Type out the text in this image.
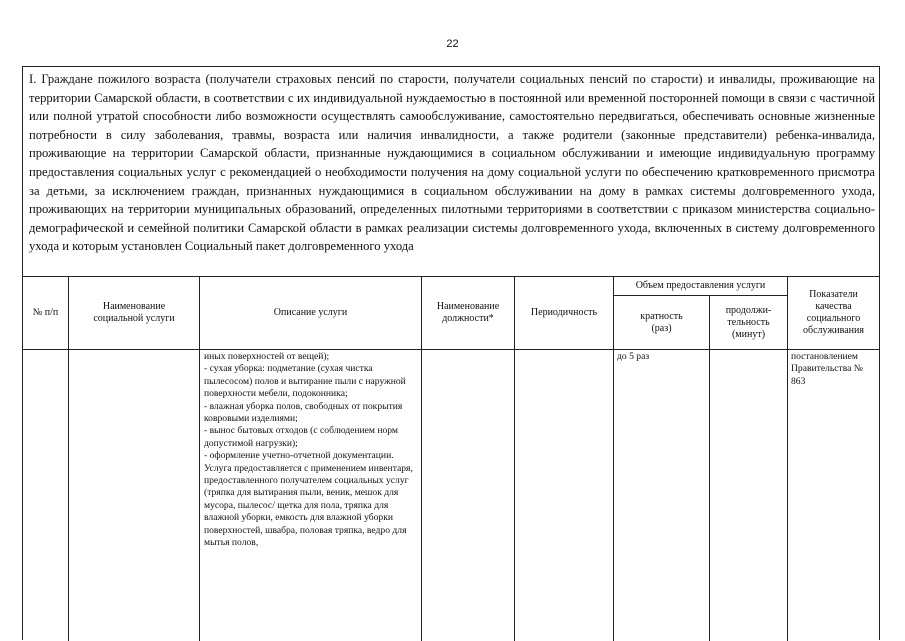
22
I. Граждане пожилого возраста (получатели страховых пенсий по старости, получатели социальных пенсий по старости) и инвалиды, проживающие на территории Самарской области, в соответствии с их индивидуальной нуждаемостью в постоянной или временной посторонней помощи в связи с частичной или полной утратой способности либо возможности осуществлять самообслуживание, самостоятельно передвигаться, обеспечивать основные жизненные потребности в силу заболевания, травмы, возраста или наличия инвалидности, а также родители (законные представители) ребенка-инвалида, проживающие на территории Самарской области, признанные нуждающимися в социальном обслуживании и имеющие индивидуальную программу предоставления социальных услуг с рекомендацией о необходимости получения на дому социальной услуги по обеспечению кратковременного присмотра за детьми, за исключением граждан, признанных нуждающимися в социальном обслуживании на дому в рамках системы долговременного ухода, проживающих на территории муниципальных образований, определенных пилотными территориями в соответствии с приказом министерства социально-демографической и семейной политики Самарской области в рамках реализации системы долговременного ухода, включенных в систему долговременного ухода и которым установлен Социальный пакет долговременного ухода
№ п/п
Наименование социальной услуги
Описание услуги
Наименование должности*
Периодичность
Объем предоставления услуги
кратность (раз)
продолжи-тельность (минут)
Показатели качества социального обслуживания
иных поверхностей от вещей);
- сухая уборка: подметание (сухая чистка пылесосом) полов и вытирание пыли с наружной поверхности мебели, подоконника;
- влажная уборка полов, свободных от покрытия ковровыми изделиями;
- вынос бытовых отходов (с соблюдением норм допустимой нагрузки);
- оформление учетно-отчетной документации.
Услуга предоставляется с применением инвентаря, предоставленного получателем социальных услуг (тряпка для вытирания пыли, веник, мешок для мусора, пылесос/ щетка для пола, тряпка для влажной уборки, емкость для влажной уборки поверхностей, швабра, половая тряпка, ведро для мытья полов,
до 5 раз	постановлением Правительства № 863
